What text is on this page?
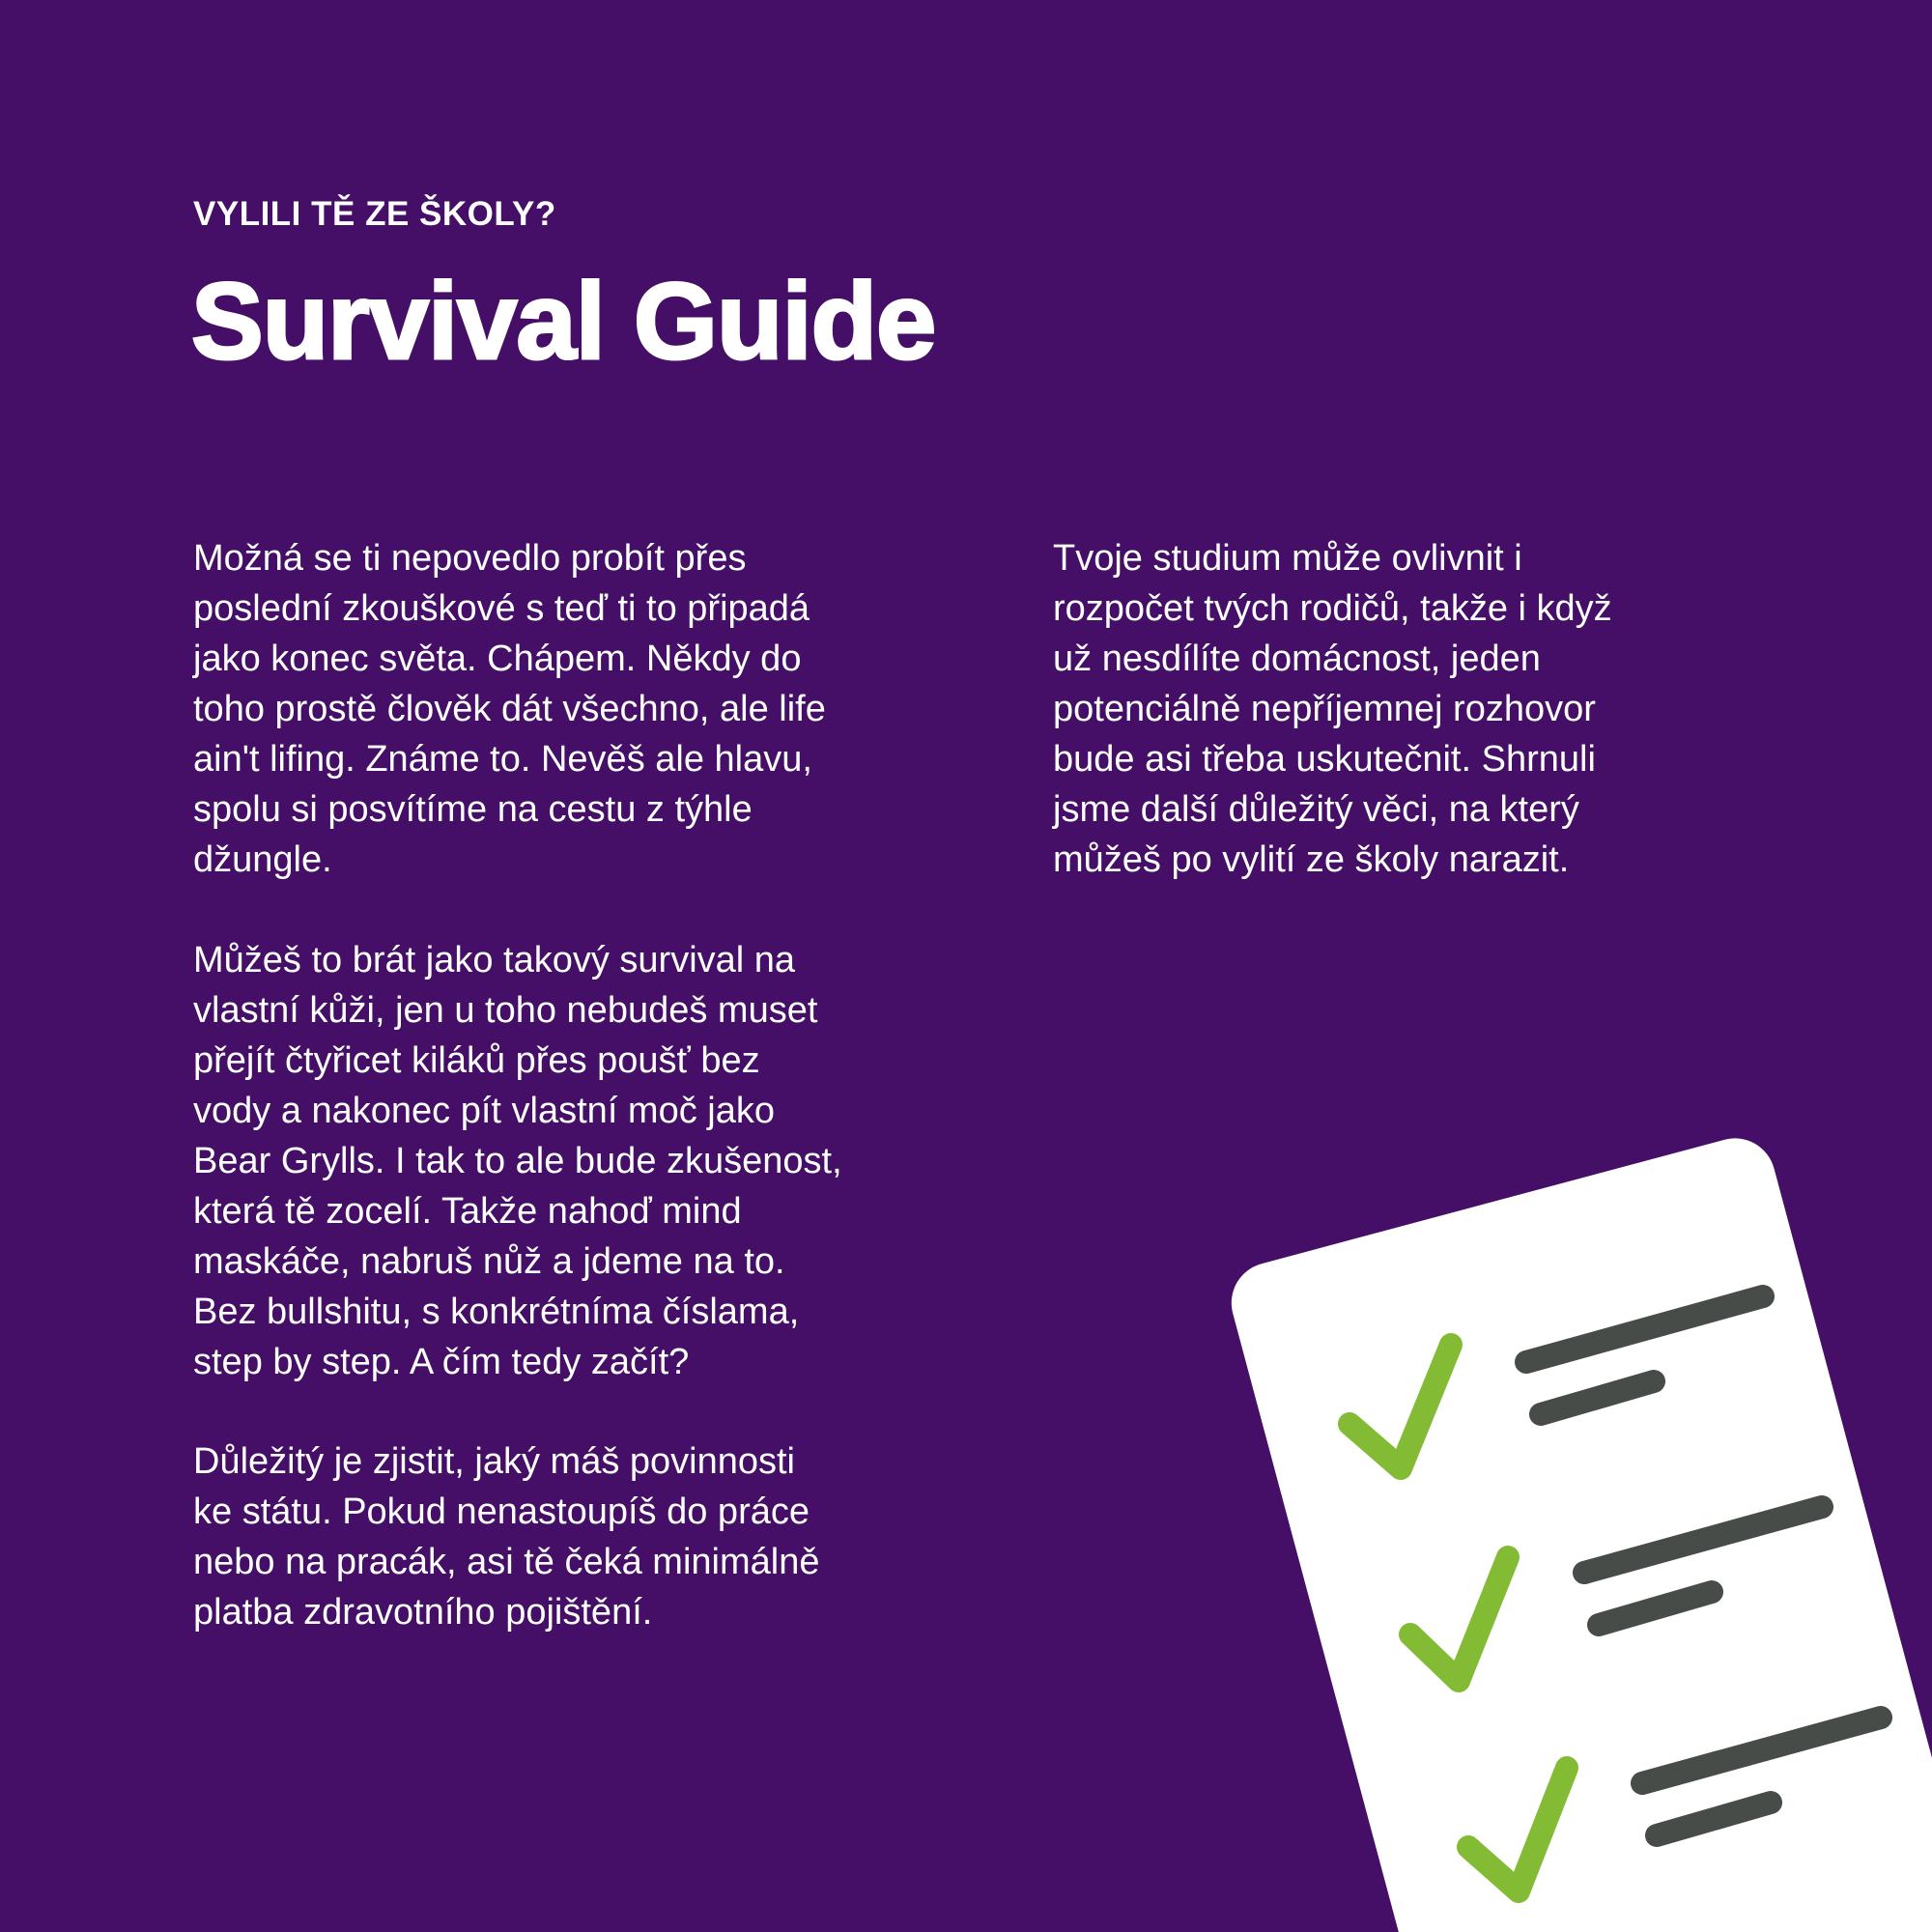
VYLILI TĚ ZE ŠKOLY?
Survival Guide

Možná se ti nepovedlo probít přes
poslední zkouškové s teď ti to připadá
jako konec světa. Chápem. Někdy do
toho prostě člověk dát všechno, ale life
ain't lifing. Známe to. Nevěš ale hlavu,
spolu si posvítíme na cestu z týhle
džungle.

Můžeš to brát jako takový survival na
vlastní kůži, jen u toho nebudeš muset
přejít čtyřicet kiláků přes poušť bez
vody a nakonec pít vlastní moč jako
Bear Grylls. I tak to ale bude zkušenost,
která tě zocelí. Takže nahoď mind
maskáče, nabruš nůž a jdeme na to.
Bez bullshitu, s konkrétníma číslama,
step by step. A čím tedy začít?

Důležitý je zjistit, jaký máš povinnosti
ke státu. Pokud nenastoupíš do práce
nebo na pracák, asi tě čeká minimálně
platba zdravotního pojištění.

Tvoje studium může ovlivnit i
rozpočet tvých rodičů, takže i když
už nesdílíte domácnost, jeden
potenciálně nepříjemnej rozhovor
bude asi třeba uskutečnit. Shrnuli
jsme další důležitý věci, na který
můžeš po vylití ze školy narazit.
